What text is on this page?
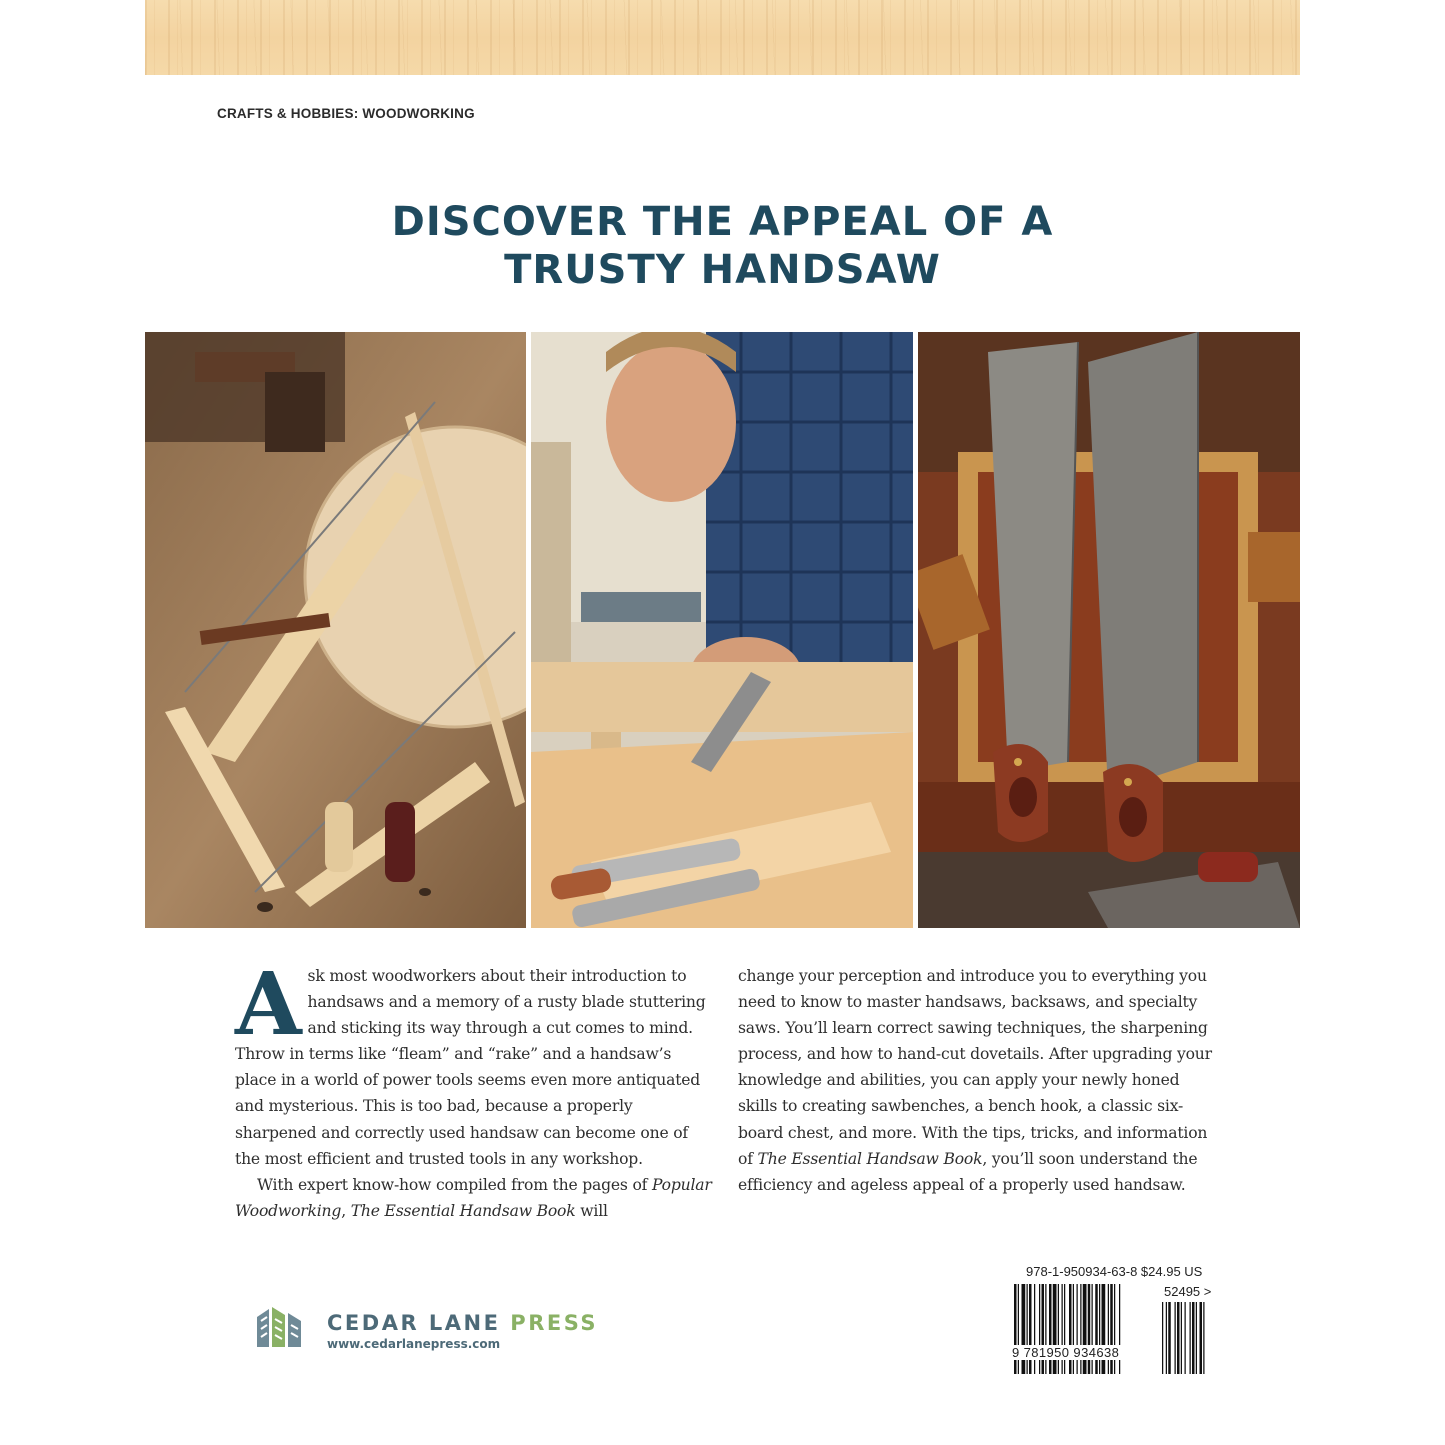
CRAFTS & HOBBIES: WOODWORKING
DISCOVER THE APPEAL OF A
TRUSTY HANDSAW

Ask most woodworkers about their introduction to handsaws and a memory of a rusty blade stuttering and sticking its way through a cut comes to mind. Throw in terms like “fleam” and “rake” and a handsaw’s place in a world of power tools seems even more antiquated and mysterious. This is too bad, because a properly sharpened and correctly used handsaw can become one of the most efficient and trusted tools in any workshop.

With expert know-how compiled from the pages of Popular Woodworking, The Essential Handsaw Book will

change your perception and introduce you to everything you need to know to master handsaws, backsaws, and specialty saws. You’ll learn correct sawing techniques, the sharpening process, and how to hand-cut dovetails. After upgrading your knowledge and abilities, you can apply your newly honed skills to creating sawbenches, a bench hook, a classic six-board chest, and more. With the tips, tricks, and information of The Essential Handsaw Book, you’ll soon understand the efficiency and ageless appeal of a properly used handsaw.

CEDAR LANE PRESS
www.cedarlanepress.com
978-1-950934-63-8 $24.95 US
52495 >
9 781950 934638
